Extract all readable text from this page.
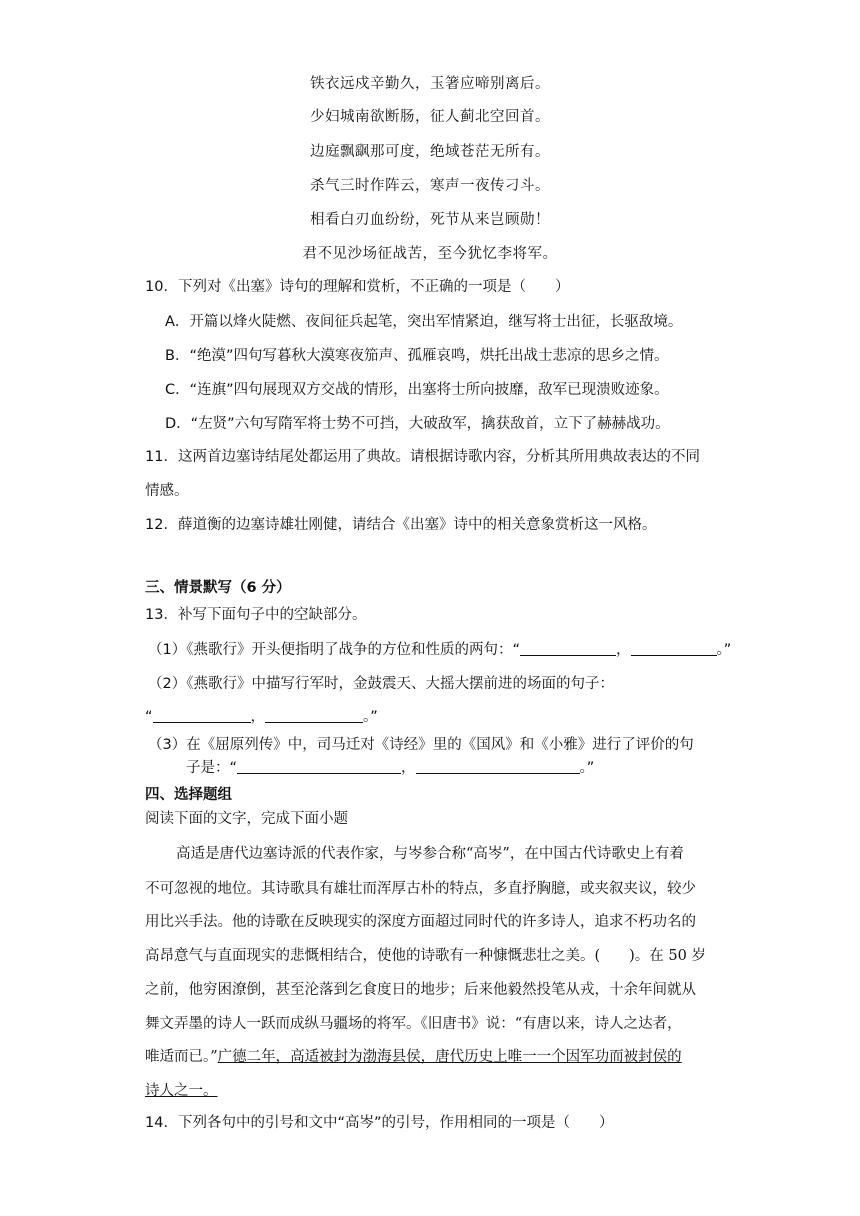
铁衣远戍辛勤久，玉箸应啼别离后。
少妇城南欲断肠，征人蓟北空回首。
边庭飘飖那可度，绝域苍茫无所有。
杀气三时作阵云，寒声一夜传刁斗。
相看白刃血纷纷，死节从来岂顾勋！
君不见沙场征战苦，至今犹忆李将军。
10．下列对《出塞》诗句的理解和赏析，不正确的一项是（　　）
A．开篇以烽火陡燃、夜间征兵起笔，突出军情紧迫，继写将士出征，长驱敌境。
B．“绝漠”四句写暮秋大漠寒夜笳声、孤雁哀鸣，烘托出战士悲凉的思乡之情。
C．“连旗”四句展现双方交战的情形，出塞将士所向披靡，敌军已现溃败迹象。
D．“左贤”六句写隋军将士势不可挡，大破敌军，擒获敌首，立下了赫赫战功。
11．这两首边塞诗结尾处都运用了典故。请根据诗歌内容，分析其所用典故表达的不同
情感。
12．薛道衡的边塞诗雄壮刚健，请结合《出塞》诗中的相关意象赏析这一风格。
三、情景默写（6 分）
13．补写下面句子中的空缺部分。
（1）《燕歌行》开头便指明了战争的方位和性质的两句：“	，	。”
（2）《燕歌行》中描写行军时，金鼓震天、大摇大摆前进的场面的句子：
“	，	。”
（3）在《屈原列传》中，司马迁对《诗经》里的《国风》和《小雅》进行了评价的句
子是：“	，	。”
四、选择题组
阅读下面的文字，完成下面小题
高适是唐代边塞诗派的代表作家，与岑参合称“高岑”，在中国古代诗歌史上有着
不可忽视的地位。其诗歌具有雄壮而浑厚古朴的特点，多直抒胸臆，或夹叙夹议，较少
用比兴手法。他的诗歌在反映现实的深度方面超过同时代的许多诗人，追求不朽功名的
高昂意气与直面现实的悲慨相结合，使他的诗歌有一种慷慨悲壮之美。(　　)。在 50 岁
之前，他穷困潦倒，甚至沦落到乞食度日的地步；后来他毅然投笔从戎，十余年间就从
舞文弄墨的诗人一跃而成纵马疆场的将军。《旧唐书》说：“有唐以来，诗人之达者，
唯适而已。”广德二年，高适被封为渤海县侯，唐代历史上唯一一个因军功而被封侯的
诗人之一。
14．下列各句中的引号和文中“高岑”的引号，作用相同的一项是（　　）
